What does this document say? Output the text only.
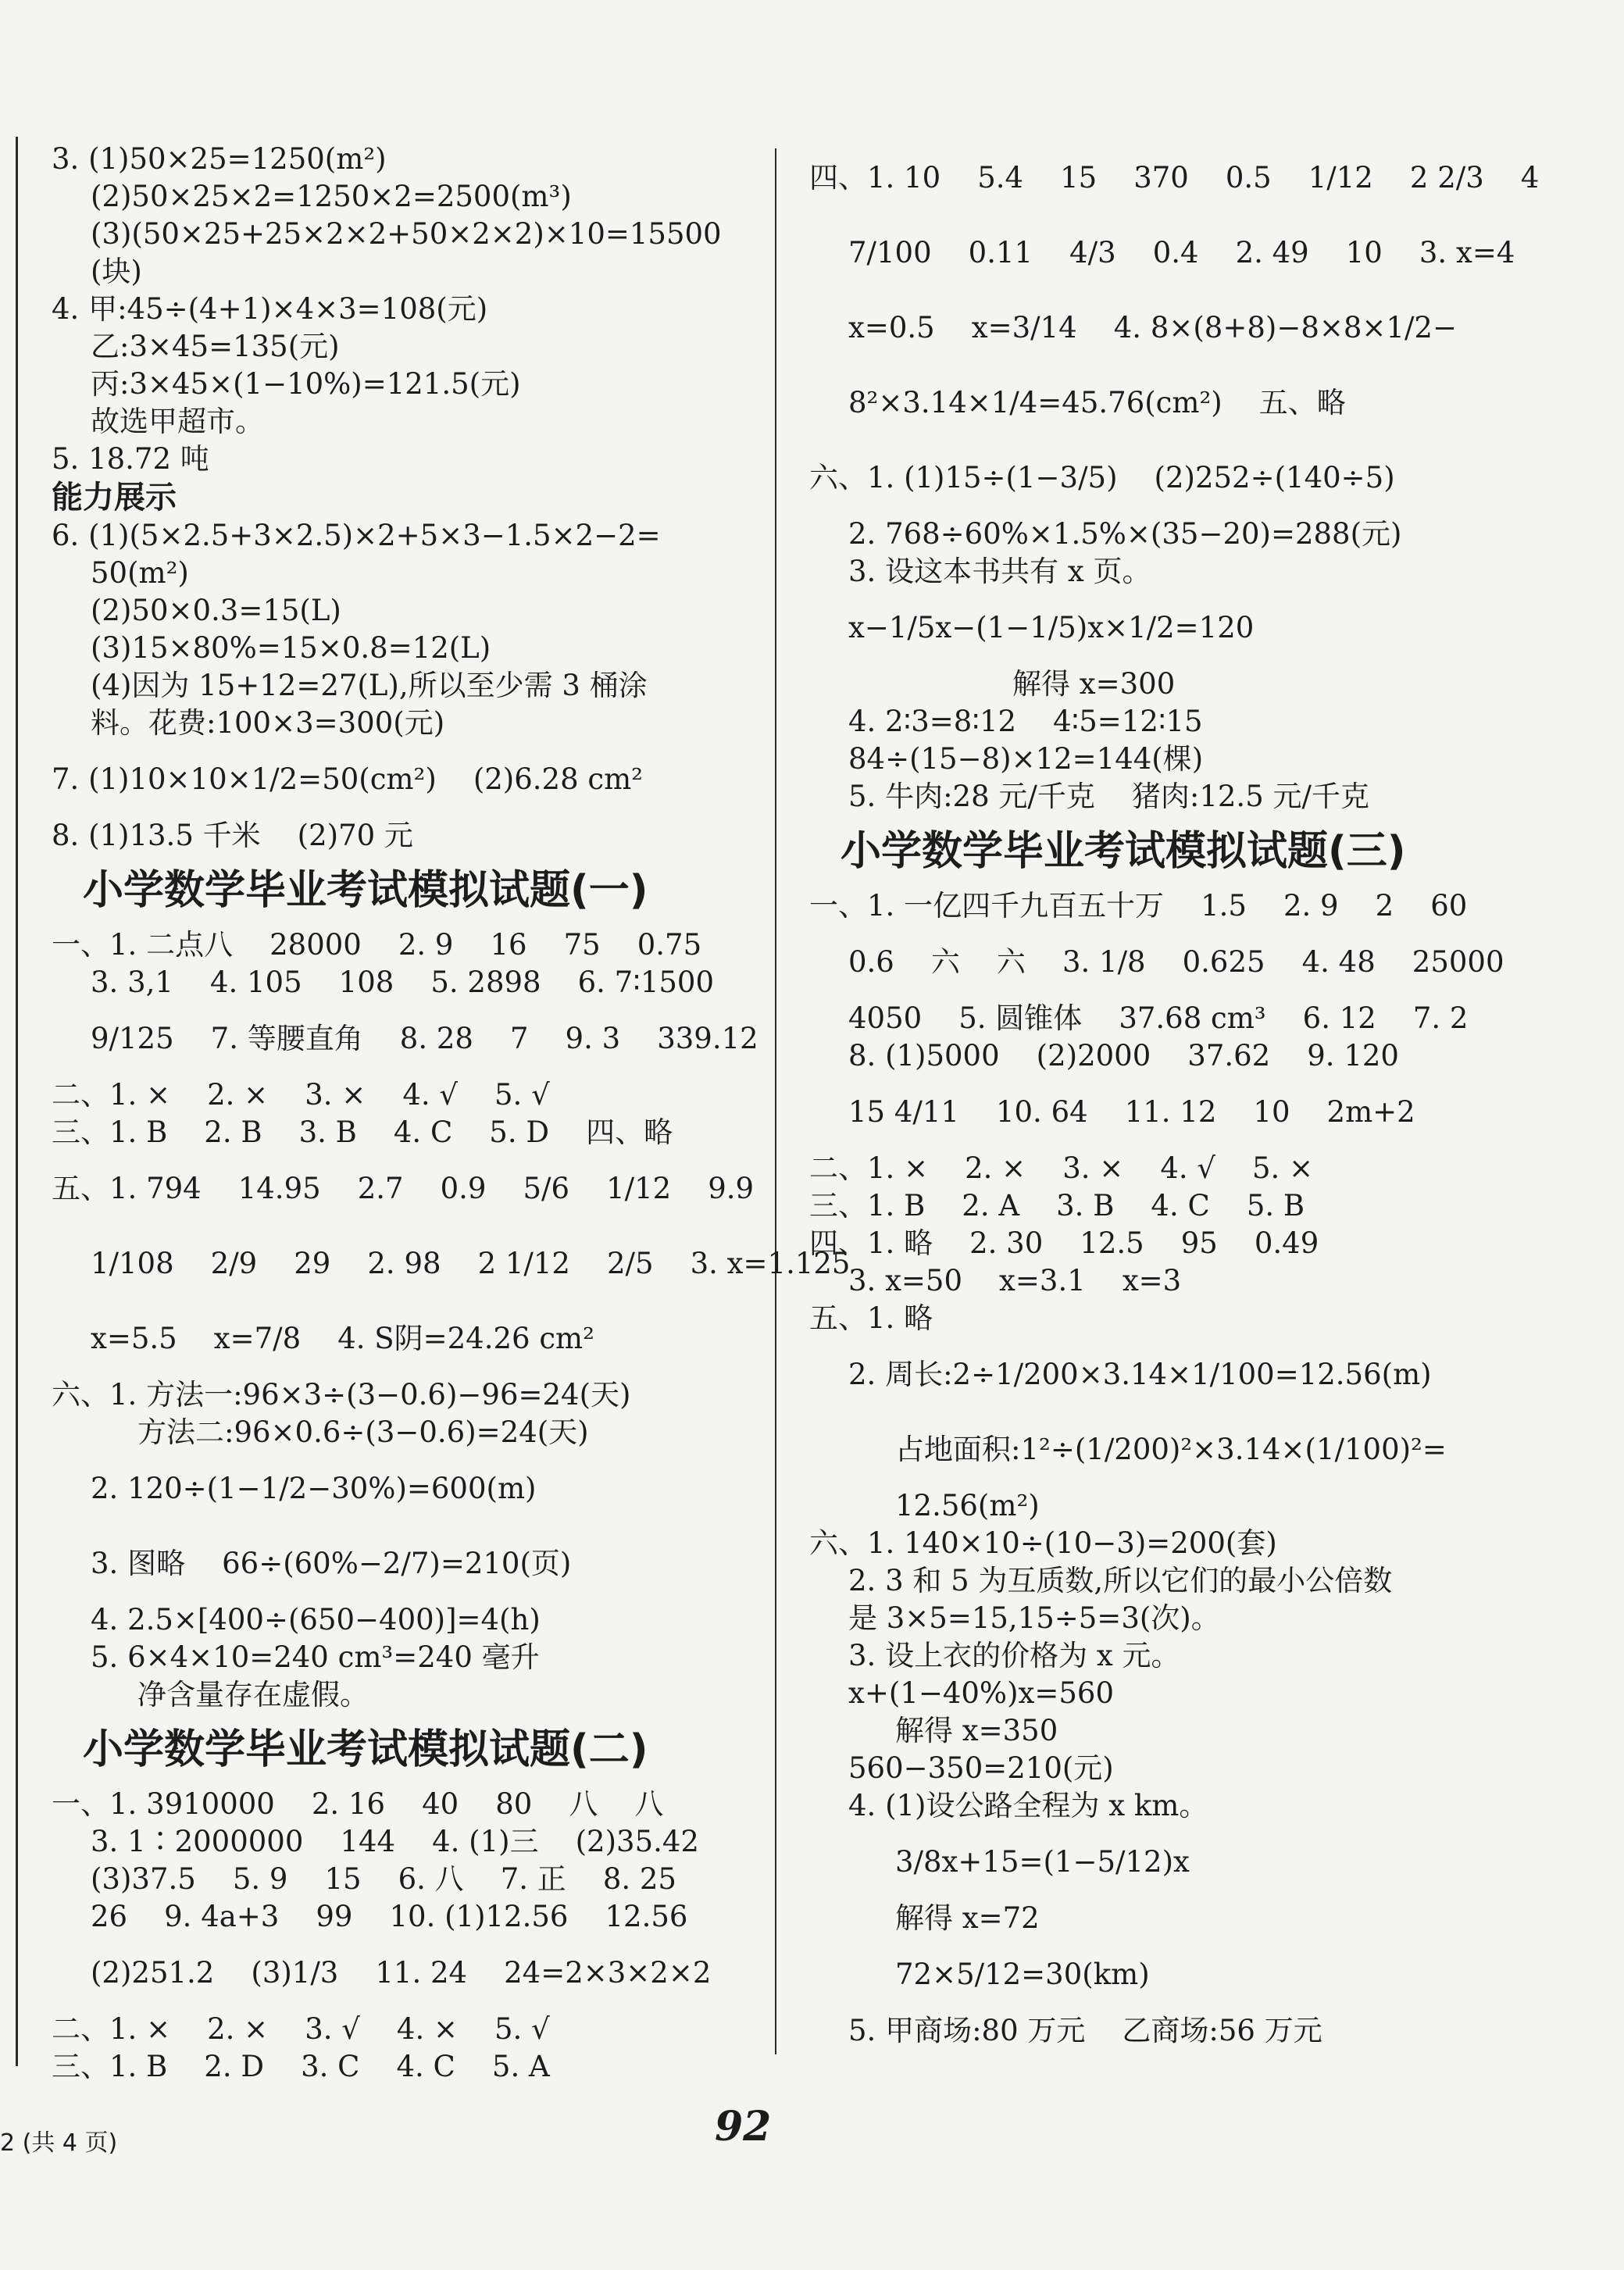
3. (1)50×25=1250(m²)
(2)50×25×2=1250×2=2500(m³)
(3)(50×25+25×2×2+50×2×2)×10=15500
(块)
4. 甲:45÷(4+1)×4×3=108(元)
乙:3×45=135(元)
丙:3×45×(1−10%)=121.5(元)
故选甲超市。
5. 18.72 吨
能力展示
6. (1)(5×2.5+3×2.5)×2+5×3−1.5×2−2=
50(m²)
(2)50×0.3=15(L)
(3)15×80%=15×0.8=12(L)
(4)因为 15+12=27(L),所以至少需 3 桶涂
料。花费:100×3=300(元)
7. (1)10×10×1/2=50(cm²)    (2)6.28 cm²
8. (1)13.5 千米    (2)70 元
小学数学毕业考试模拟试题(一)
一、1. 二点八    28000    2. 9    16    75    0.75
3. 3,1    4. 105    108    5. 2898    6. 7∶1500
9/125    7. 等腰直角    8. 28    7    9. 3    339.12
二、1. ×    2. ×    3. ×    4. √    5. √
三、1. B    2. B    3. B    4. C    5. D    四、略
五、1. 794    14.95    2.7    0.9    5/6    1/12    9.9
1/108    2/9    29    2. 98    2 1/12    2/5    3. x=1.125
x=5.5    x=7/8    4. S阴=24.26 cm²
六、1. 方法一:96×3÷(3−0.6)−96=24(天)
方法二:96×0.6÷(3−0.6)=24(天)
2. 120÷(1−1/2−30%)=600(m)
3. 图略    66÷(60%−2/7)=210(页)
4. 2.5×[400÷(650−400)]=4(h)
5. 6×4×10=240 cm³=240 毫升
净含量存在虚假。
小学数学毕业考试模拟试题(二)
一、1. 3910000    2. 16    40    80    八    八
3. 1∶2000000    144    4. (1)三    (2)35.42
(3)37.5    5. 9    15    6. 八    7. 正    8. 25
26    9. 4a+3    99    10. (1)12.56    12.56
(2)251.2    (3)1/3    11. 24    24=2×3×2×2
二、1. ×    2. ×    3. √    4. ×    5. √
三、1. B    2. D    3. C    4. C    5. A
四、1. 10    5.4    15    370    0.5    1/12    2 2/3    4
7/100    0.11    4/3    0.4    2. 49    10    3. x=4
x=0.5    x=3/14    4. 8×(8+8)−8×8×1/2−
8²×3.14×1/4=45.76(cm²)    五、略
六、1. (1)15÷(1−3/5)    (2)252÷(140÷5)
2. 768÷60%×1.5%×(35−20)=288(元)
3. 设这本书共有 x 页。
x−1/5x−(1−1/5)x×1/2=120
解得 x=300
4. 2∶3=8∶12    4∶5=12∶15
84÷(15−8)×12=144(棵)
5. 牛肉:28 元/千克    猪肉:12.5 元/千克
小学数学毕业考试模拟试题(三)
一、1. 一亿四千九百五十万    1.5    2. 9    2    60
0.6    六    六    3. 1/8    0.625    4. 48    25000
4050    5. 圆锥体    37.68 cm³    6. 12    7. 2
8. (1)5000    (2)2000    37.62    9. 120
15 4/11    10. 64    11. 12    10    2m+2
二、1. ×    2. ×    3. ×    4. √    5. ×
三、1. B    2. A    3. B    4. C    5. B
四、1. 略    2. 30    12.5    95    0.49
3. x=50    x=3.1    x=3
五、1. 略
2. 周长:2÷1/200×3.14×1/100=12.56(m)
占地面积:1²÷(1/200)²×3.14×(1/100)²=
12.56(m²)
六、1. 140×10÷(10−3)=200(套)
2. 3 和 5 为互质数,所以它们的最小公倍数
是 3×5=15,15÷5=3(次)。
3. 设上衣的价格为 x 元。
x+(1−40%)x=560
解得 x=350
560−350=210(元)
4. (1)设公路全程为 x km。
3/8x+15=(1−5/12)x
解得 x=72
72×5/12=30(km)
5. 甲商场:80 万元    乙商场:56 万元
2 (共 4 页)	92
